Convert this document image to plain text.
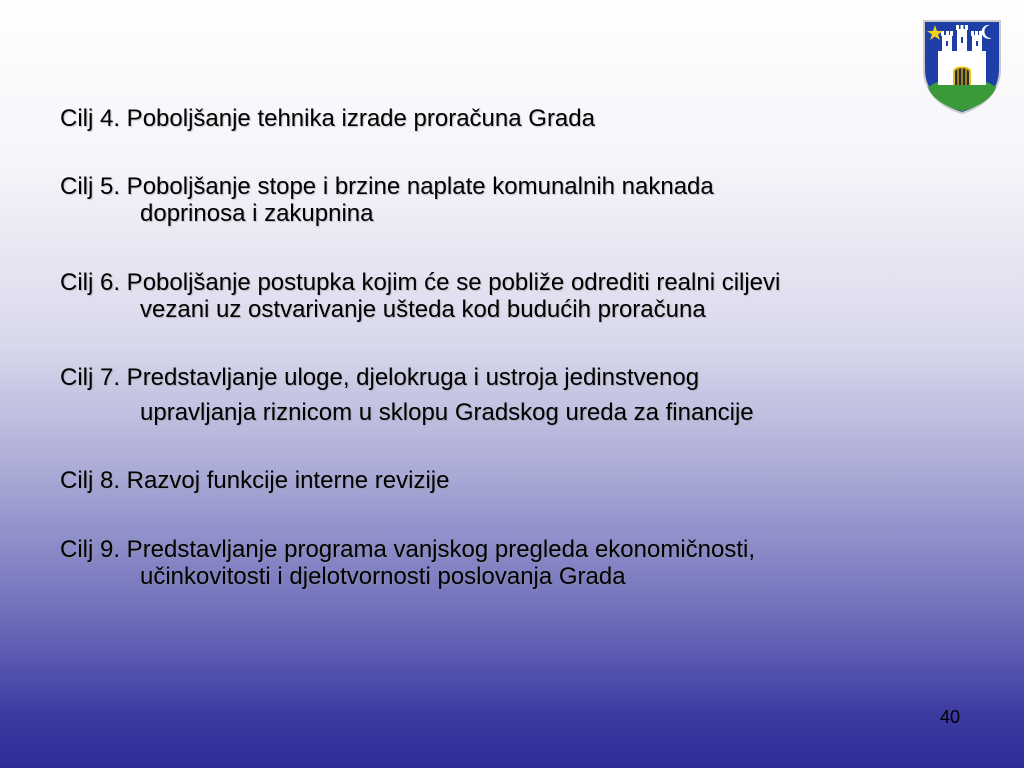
Cilj 4. Poboljšanje tehnika izrade proračuna Grada
Cilj 5. Poboljšanje stope i brzine naplate komunalnih naknada
doprinosa i zakupnina
Cilj 6. Poboljšanje postupka kojim će se pobliže odrediti realni ciljevi
vezani uz ostvarivanje ušteda kod budućih proračuna
Cilj 7. Predstavljanje uloge, djelokruga i ustroja jedinstvenog
upravljanja riznicom u sklopu Gradskog ureda za financije
Cilj 8. Razvoj funkcije interne revizije
Cilj 9. Predstavljanje programa vanjskog pregleda ekonomičnosti,
učinkovitosti i djelotvornosti poslovanja Grada
40
